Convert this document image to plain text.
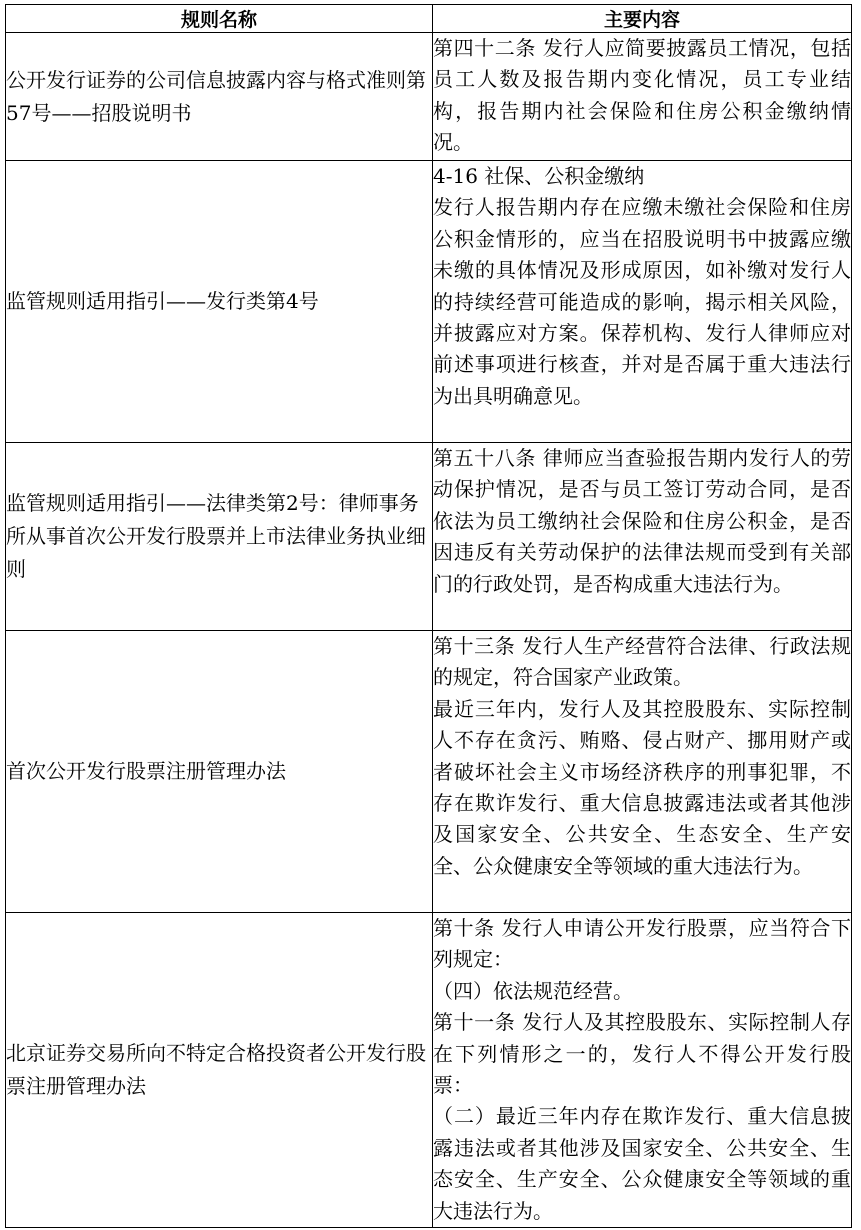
规则名称	主要内容
公开发行证券的公司信息披露内容与格式准则第57号——招股说明书	第四十二条 发行人应简要披露员工情况，包括员工人数及报告期内变化情况，员工专业结构，报告期内社会保险和住房公积金缴纳情况。

监管规则适用指引——发行类第4号	4-16 社保、公积金缴纳
发行人报告期内存在应缴未缴社会保险和住房公积金情形的，应当在招股说明书中披露应缴未缴的具体情况及形成原因，如补缴对发行人的持续经营可能造成的影响，揭示相关风险，并披露应对方案。保荐机构、发行人律师应对前述事项进行核查，并对是否属于重大违法行为出具明确意见。

监管规则适用指引——法律类第2号：律师事务所从事首次公开发行股票并上市法律业务执业细则	第五十八条 律师应当查验报告期内发行人的劳动保护情况，是否与员工签订劳动合同，是否依法为员工缴纳社会保险和住房公积金，是否因违反有关劳动保护的法律法规而受到有关部门的行政处罚，是否构成重大违法行为。

首次公开发行股票注册管理办法	第十三条 发行人生产经营符合法律、行政法规的规定，符合国家产业政策。
最近三年内，发行人及其控股股东、实际控制人不存在贪污、贿赂、侵占财产、挪用财产或者破坏社会主义市场经济秩序的刑事犯罪，不存在欺诈发行、重大信息披露违法或者其他涉及国家安全、公共安全、生态安全、生产安全、公众健康安全等领域的重大违法行为。

北京证券交易所向不特定合格投资者公开发行股票注册管理办法	第十条 发行人申请公开发行股票，应当符合下列规定：
（四）依法规范经营。
第十一条 发行人及其控股股东、实际控制人存在下列情形之一的，发行人不得公开发行股票：
（二）最近三年内存在欺诈发行、重大信息披露违法或者其他涉及国家安全、公共安全、生态安全、生产安全、公众健康安全等领域的重大违法行为。
